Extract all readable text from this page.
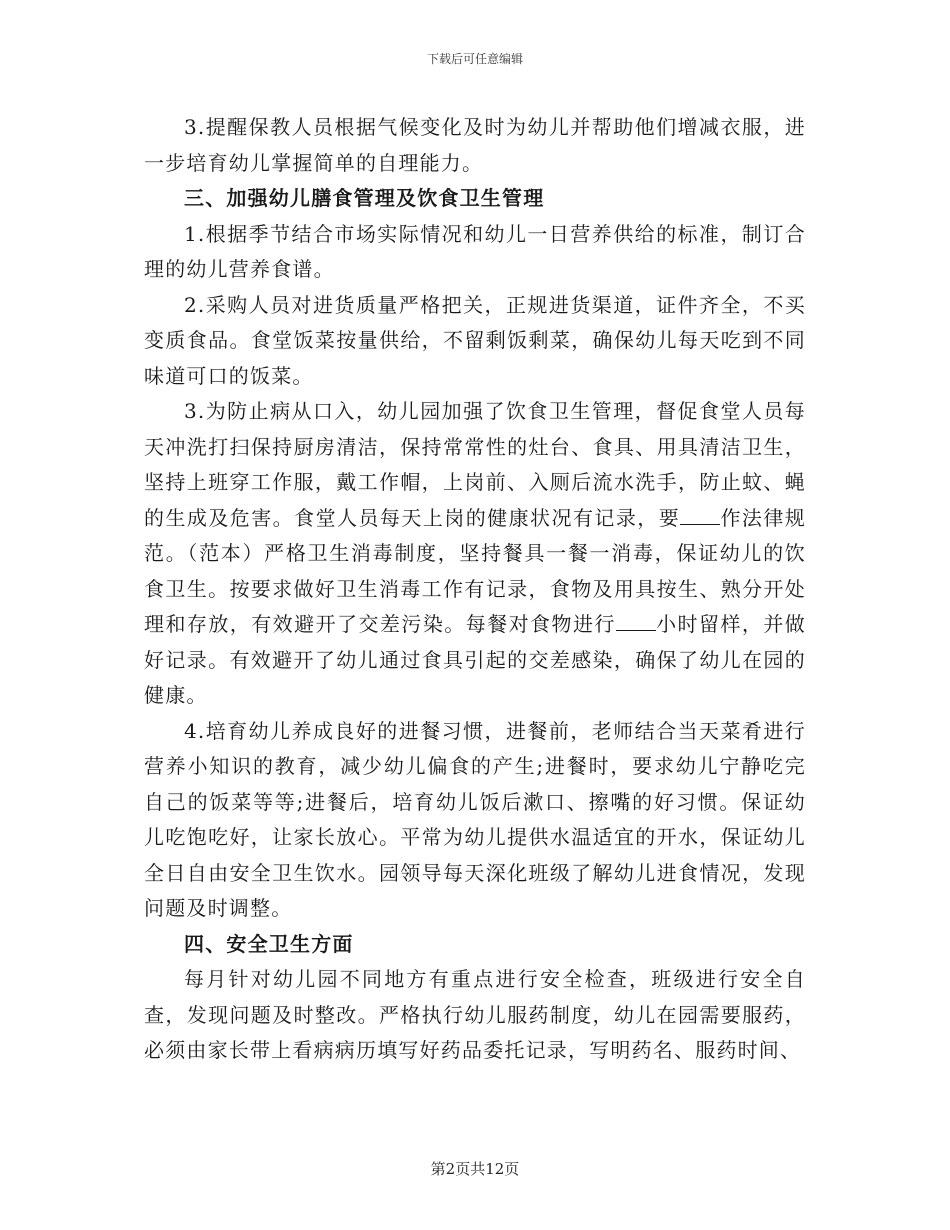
下载后可任意编辑

3.提醒保教人员根据气候变化及时为幼儿并帮助他们增减衣服，进一步培育幼儿掌握简单的自理能力。

三、加强幼儿膳食管理及饮食卫生管理

1.根据季节结合市场实际情况和幼儿一日营养供给的标准，制订合理的幼儿营养食谱。

2.采购人员对进货质量严格把关，正规进货渠道，证件齐全，不买变质食品。食堂饭菜按量供给，不留剩饭剩菜，确保幼儿每天吃到不同味道可口的饭菜。

3.为防止病从口入，幼儿园加强了饮食卫生管理，督促食堂人员每天冲洗打扫保持厨房清洁，保持常常性的灶台、食具、用具清洁卫生，坚持上班穿工作服，戴工作帽，上岗前、入厕后流水洗手，防止蚊、蝇的生成及危害。食堂人员每天上岗的健康状况有记录，要 作法律规范。（范本）严格卫生消毒制度，坚持餐具一餐一消毒，保证幼儿的饮食卫生。按要求做好卫生消毒工作有记录，食物及用具按生、熟分开处理和存放，有效避开了交差污染。每餐对食物进行 小时留样，并做好记录。有效避开了幼儿通过食具引起的交差感染，确保了幼儿在园的健康。

4.培育幼儿养成良好的进餐习惯，进餐前，老师结合当天菜肴进行营养小知识的教育，减少幼儿偏食的产生;进餐时，要求幼儿宁静吃完自己的饭菜等等;进餐后，培育幼儿饭后漱口、擦嘴的好习惯。保证幼儿吃饱吃好，让家长放心。平常为幼儿提供水温适宜的开水，保证幼儿全日自由安全卫生饮水。园领导每天深化班级了解幼儿进食情况，发现问题及时调整。

四、安全卫生方面

每月针对幼儿园不同地方有重点进行安全检查，班级进行安全自查，发现问题及时整改。严格执行幼儿服药制度，幼儿在园需要服药，必须由家长带上看病病历填写好药品委托记录，写明药名、服药时间、

第2页共12页
